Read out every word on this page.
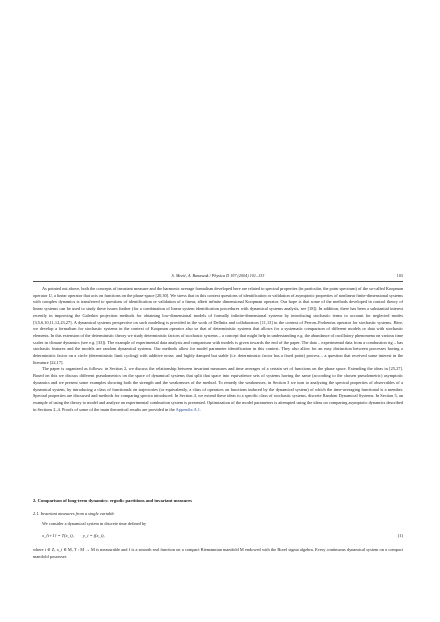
S. Mezić, A. Banaszuk / Physica D 197 (2004) 101–133	103

As pointed out above, both the concepts of invariant measure and the harmonic average formalism developed here are related to spectral properties (in particular, the point spectrum) of the so-called Koopman operator U, a linear operator that acts on functions on the phase-space [20,30]. We stress that in this context questions of identification or validation of asymptotic properties of nonlinear finite-dimensional systems with complex dynamics is transferred to questions of identification or validation of a linear, albeit infinite dimensional Koopman operator. Our hope is that some of the methods developed in control theory of linear systems can be used to study these issues further (for a combination of linear system identification procedures with dynamical systems analysis, see [18]). In addition, there has been a substantial interest recently in improving the Galerkin projection methods for obtaining low-dimensional models of formally infinite-dimensional systems by introducing stochastic terms to account for neglected modes [3,5,6,10,11,12,23,27]. A dynamical systems perspective on such modeling is provided in the work of Dellnitz and collaborators [11,13] in the context of Perron–Frobenius operator for stochastic systems. Here, we develop a formalism for stochastic systems in the context of Koopman operator also so that of deterministic systems that allows for a systematic comparison of different models or data with stochastic elements. In this extension of the deterministic theory we study deterministic factors of stochastic systems – a concept that might help in understanding e.g. the abundance of oscillatory phenomena on various time scales in climate dynamics (see e.g. [33]). The example of experimental data analysis and comparison with models is given towards the end of the paper. The data – experimental data from a combustion rig – has stochastic features and the models are random dynamical systems. Our methods allow for model parameter identification in this context. They also allow for an easy distinction between processes having a deterministic factor on a circle (deterministic limit cycling) with additive noise, and highly damped but stable (i.e. deterministic factor has a fixed point) process – a question that received some interest in the literature [22,17].

The paper is organized as follows: in Section 2, we discuss the relationship between invariant measures and time averages of a certain set of functions on the phase space. Extending the ideas in [25,27]. Based on this we discuss different pseudometrics on the space of dynamical systems that split that space into equivalence sets of systems having the same (according to the chosen pseudometric) asymptotic dynamics and we present some examples showing both the strength and the weaknesses of the method. To remedy the weaknesses, in Section 3 we turn to analyzing the spectral properties of observables of a dynamical system, by introducing a class of functionals on trajectories (or equivalently, a class of operators on functions induced by the dynamical system) of which the time-averaging functional is a member. Spectral properties are discussed and methods for comparing spectra introduced. In Section 4, we extend these ideas to a specific class of stochastic systems, discrete Random Dynamical Systems. In Section 5, an example of using the theory to model and analyze an experimental combustion system is presented. Optimization of the model parameters is attempted using the ideas on comparing asymptotic dynamics described in Sections 2–4. Proofs of some of the main theoretical results are provided in the Appendix A.1.

2. Comparison of long-term dynamics: ergodic partitions and invariant measures
2.1. Invariant measures from a single variable

We consider a dynamical system in discrete time defined by

x_{i+1} = T(x_i), y_i = f(x_i),	(1)

where i ∈ Z, x_i ∈ M, T : M → M is measurable and f is a smooth real function on a compact Riemannian manifold M endowed with the Borel sigma algebra. Every continuous dynamical system on a compact manifold possesses
